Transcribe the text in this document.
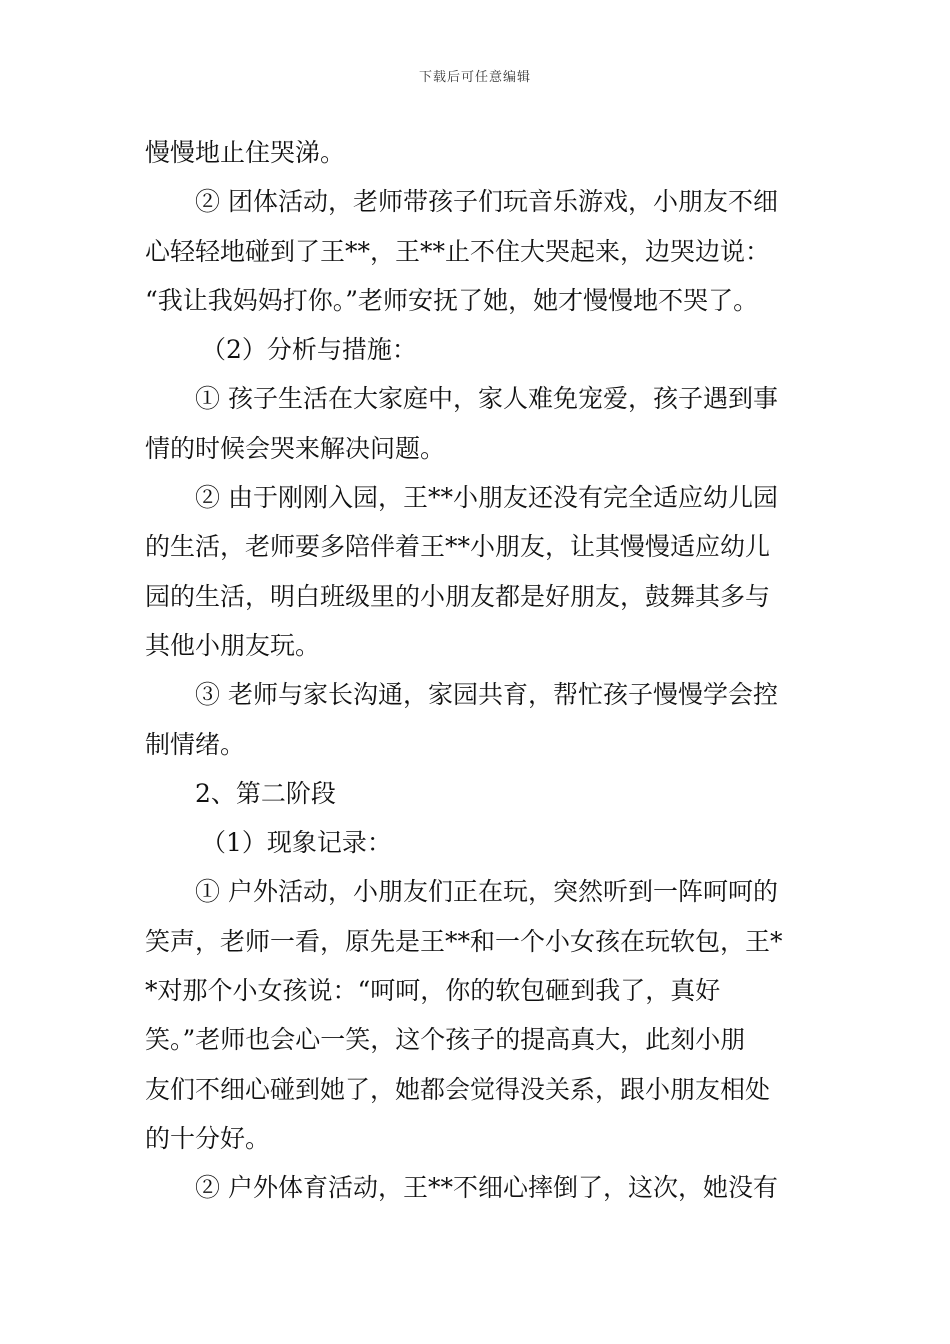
下载后可任意编辑
慢慢地止住哭涕。
② 团体活动，老师带孩子们玩音乐游戏，小朋友不细
心轻轻地碰到了王**，王**止不住大哭起来，边哭边说：
“我让我妈妈打你。”老师安抚了她，她才慢慢地不哭了。
（2）分析与措施：
① 孩子生活在大家庭中，家人难免宠爱，孩子遇到事
情的时候会哭来解决问题。
② 由于刚刚入园，王**小朋友还没有完全适应幼儿园
的生活，老师要多陪伴着王**小朋友，让其慢慢适应幼儿
园的生活，明白班级里的小朋友都是好朋友，鼓舞其多与
其他小朋友玩。
③ 老师与家长沟通，家园共育，帮忙孩子慢慢学会控
制情绪。
2、第二阶段
（1）现象记录：
① 户外活动，小朋友们正在玩，突然听到一阵呵呵的
笑声，老师一看，原先是王**和一个小女孩在玩软包，王*
*对那个小女孩说：“呵呵，你的软包砸到我了，真好
笑。”老师也会心一笑，这个孩子的提高真大，此刻小朋
友们不细心碰到她了，她都会觉得没关系，跟小朋友相处
的十分好。
② 户外体育活动，王**不细心摔倒了，这次，她没有
